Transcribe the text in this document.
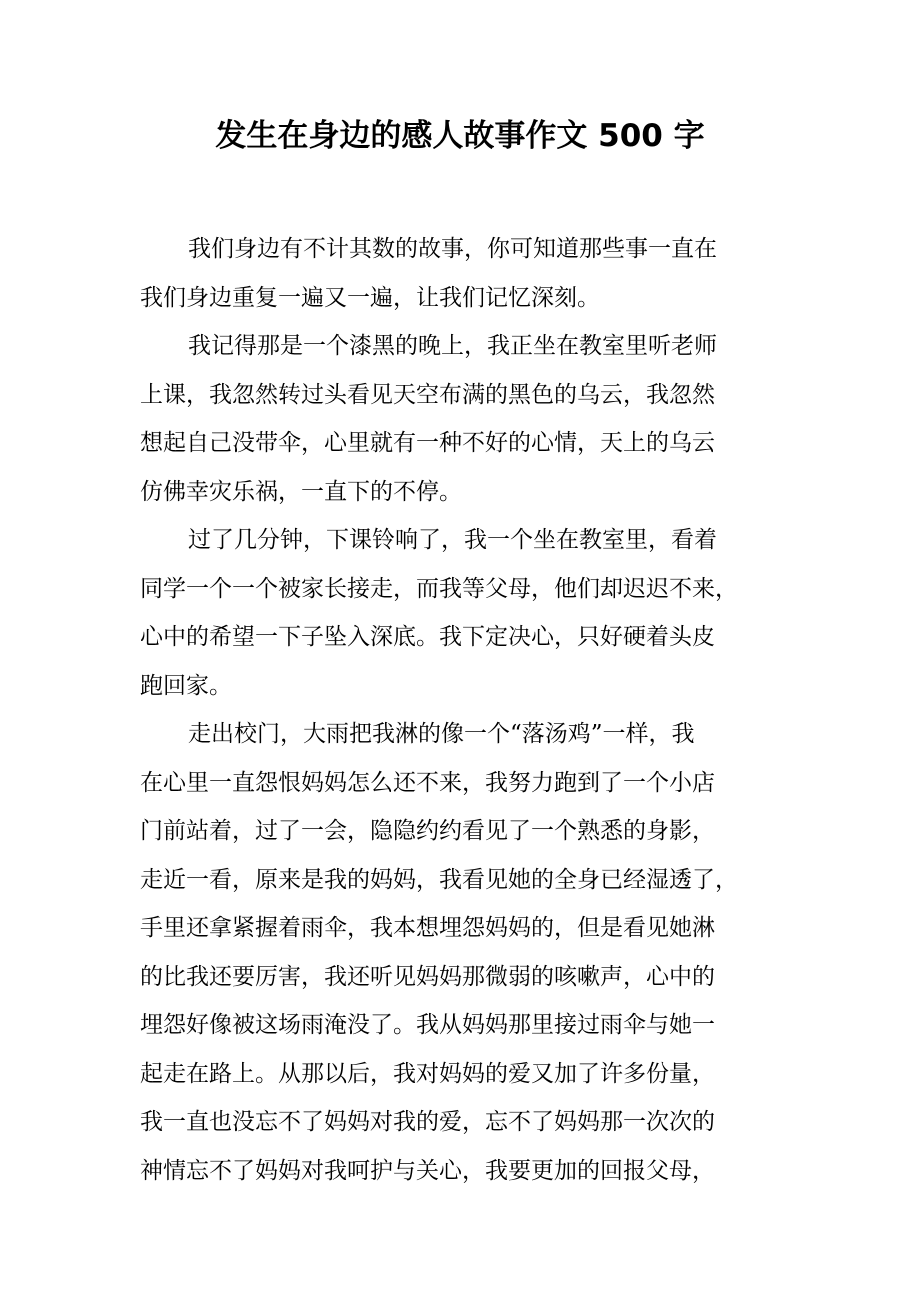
发生在身边的感人故事作文 500 字
我们身边有不计其数的故事，你可知道那些事一直在
我们身边重复一遍又一遍，让我们记忆深刻。
我记得那是一个漆黑的晚上，我正坐在教室里听老师
上课，我忽然转过头看见天空布满的黑色的乌云，我忽然
想起自己没带伞，心里就有一种不好的心情，天上的乌云
仿佛幸灾乐祸，一直下的不停。
过了几分钟，下课铃响了，我一个坐在教室里，看着
同学一个一个被家长接走，而我等父母，他们却迟迟不来，
心中的希望一下子坠入深底。我下定决心，只好硬着头皮
跑回家。
走出校门，大雨把我淋的像一个“落汤鸡”一样，我
在心里一直怨恨妈妈怎么还不来，我努力跑到了一个小店
门前站着，过了一会，隐隐约约看见了一个熟悉的身影，
走近一看，原来是我的妈妈，我看见她的全身已经湿透了，
手里还拿紧握着雨伞，我本想埋怨妈妈的，但是看见她淋
的比我还要厉害，我还听见妈妈那微弱的咳嗽声，心中的
埋怨好像被这场雨淹没了。我从妈妈那里接过雨伞与她一
起走在路上。从那以后，我对妈妈的爱又加了许多份量，
我一直也没忘不了妈妈对我的爱，忘不了妈妈那一次次的
神情忘不了妈妈对我呵护与关心，我要更加的回报父母，
